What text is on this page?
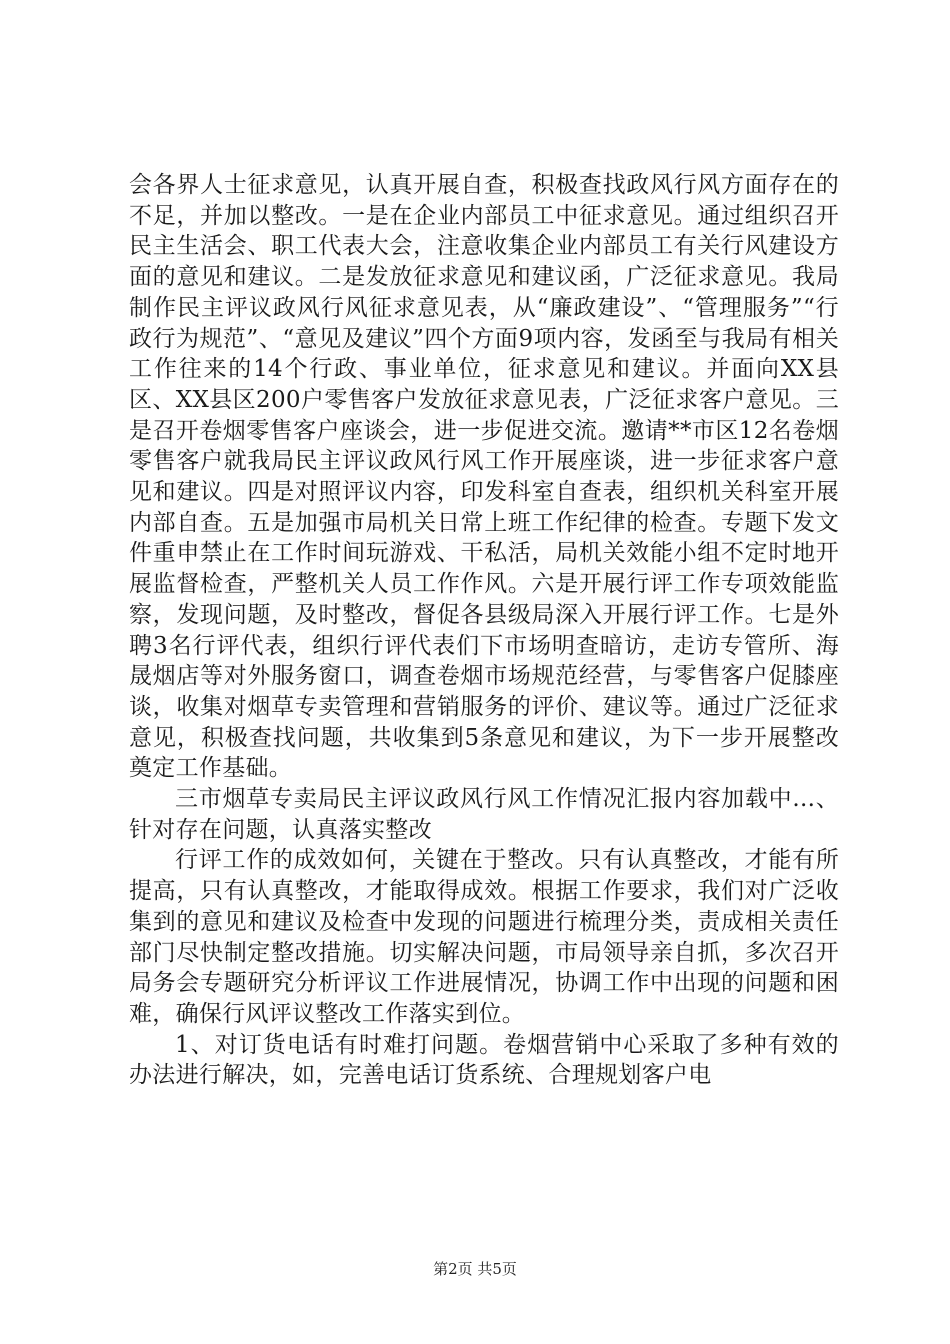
会各界人士征求意见，认真开展自查，积极查找政风行风方面存在的不足，并加以整改。一是在企业内部员工中征求意见。通过组织召开民主生活会、职工代表大会，注意收集企业内部员工有关行风建设方面的意见和建议。二是发放征求意见和建议函，广泛征求意见。我局制作民主评议政风行风征求意见表，从“廉政建设”、“管理服务”“行政行为规范”、“意见及建议”四个方面9项内容，发函至与我局有相关工作往来的14个行政、事业单位，征求意见和建议。并面向XX县区、XX县区200户零售客户发放征求意见表，广泛征求客户意见。三是召开卷烟零售客户座谈会，进一步促进交流。邀请**市区12名卷烟零售客户就我局民主评议政风行风工作开展座谈，进一步征求客户意见和建议。四是对照评议内容，印发科室自查表，组织机关科室开展内部自查。五是加强市局机关日常上班工作纪律的检查。专题下发文件重申禁止在工作时间玩游戏、干私活，局机关效能小组不定时地开展监督检查，严整机关人员工作作风。六是开展行评工作专项效能监察，发现问题，及时整改，督促各县级局深入开展行评工作。七是外聘3名行评代表，组织行评代表们下市场明查暗访，走访专管所、海晟烟店等对外服务窗口，调查卷烟市场规范经营，与零售客户促膝座谈，收集对烟草专卖管理和营销服务的评价、建议等。通过广泛征求意见，积极查找问题，共收集到5条意见和建议，为下一步开展整改奠定工作基础。

三市烟草专卖局民主评议政风行风工作情况汇报内容加载中...、针对存在问题，认真落实整改

行评工作的成效如何，关键在于整改。只有认真整改，才能有所提高，只有认真整改，才能取得成效。根据工作要求，我们对广泛收集到的意见和建议及检查中发现的问题进行梳理分类，责成相关责任部门尽快制定整改措施。切实解决问题，市局领导亲自抓，多次召开局务会专题研究分析评议工作进展情况，协调工作中出现的问题和困难，确保行风评议整改工作落实到位。

1、对订货电话有时难打问题。卷烟营销中心采取了多种有效的办法进行解决，如，完善电话订货系统、合理规划客户电

第2页 共5页
